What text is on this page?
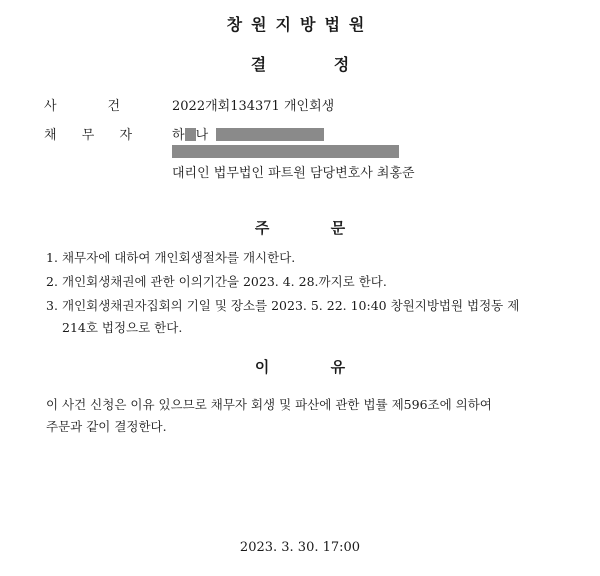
창원지방법원
결 정
사	건	2022개회134371 개인회생
채 무 자	하 나
대리인 법무법인 파트원 담당변호사 최홍준
주 문
1. 채무자에 대하여 개인회생절차를 개시한다.
2. 개인회생채권에 관한 이의기간을 2023. 4. 28.까지로 한다.
3. 개인회생채권자집회의 기일 및 장소를 2023. 5. 22. 10:40 창원지방법원 법정동 제
214호 법정으로 한다.
이 유
이 사건 신청은 이유 있으므로 채무자 회생 및 파산에 관한 법률 제596조에 의하여
주문과 같이 결정한다.
2023. 3. 30. 17:00
